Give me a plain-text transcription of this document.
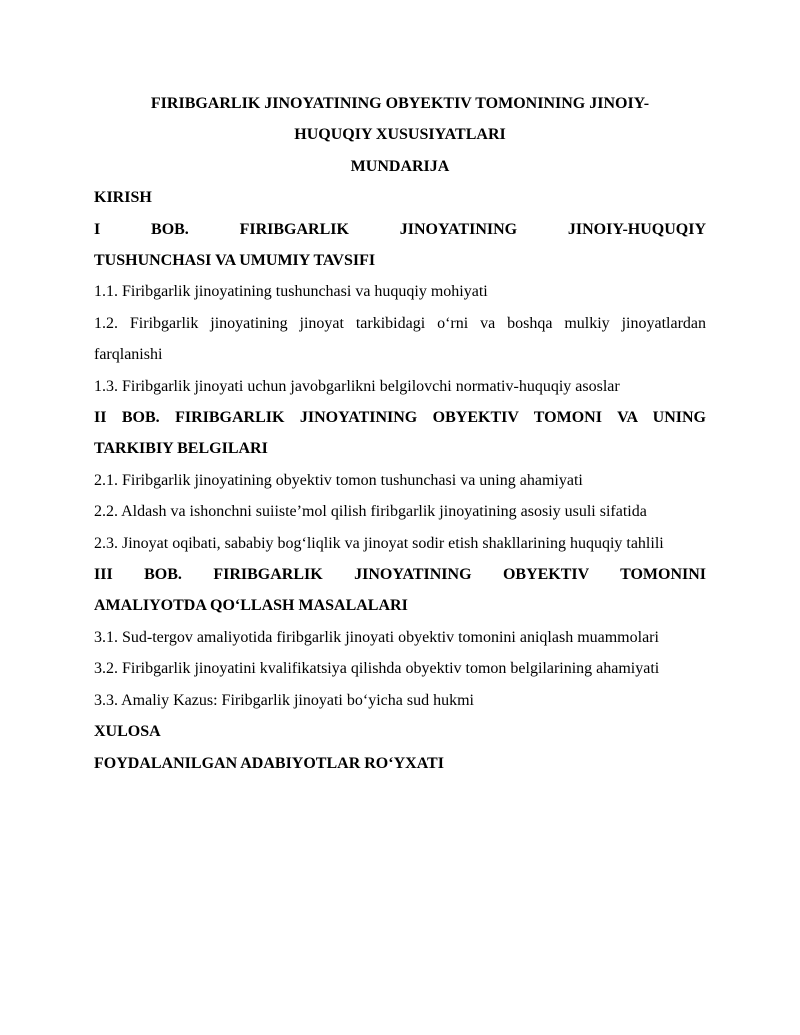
FIRIBGARLIK JINOYATINING OBYEKTIV TOMONINING JINOIY-

HUQUQIY XUSUSIYATLARI

MUNDARIJA

KIRISH

I BOB. FIRIBGARLIK JINOYATINING JINOIY-HUQUQIY

TUSHUNCHASI VA UMUMIY TAVSIFI

1.1. Firibgarlik jinoyatining tushunchasi va huquqiy mohiyati

1.2. Firibgarlik jinoyatining jinoyat tarkibidagi o‘rni va boshqa mulkiy jinoyatlardan farqlanishi

1.3. Firibgarlik jinoyati uchun javobgarlikni belgilovchi normativ-huquqiy asoslar

II BOB. FIRIBGARLIK JINOYATINING OBYEKTIV TOMONI VA UNING TARKIBIY BELGILARI

2.1. Firibgarlik jinoyatining obyektiv tomon tushunchasi va uning ahamiyati

2.2. Aldash va ishonchni suiiste’mol qilish firibgarlik jinoyatining asosiy usuli sifatida

2.3. Jinoyat oqibati, sababiy bog‘liqlik va jinoyat sodir etish shakllarining huquqiy tahlili

III BOB. FIRIBGARLIK JINOYATINING OBYEKTIV TOMONINI

AMALIYOTDA QO‘LLASH MASALALARI

3.1. Sud-tergov amaliyotida firibgarlik jinoyati obyektiv tomonini aniqlash muammolari

3.2. Firibgarlik jinoyatini kvalifikatsiya qilishda obyektiv tomon belgilarining ahamiyati

3.3. Amaliy Kazus: Firibgarlik jinoyati bo‘yicha sud hukmi

XULOSA

FOYDALANILGAN ADABIYOTLAR RO‘YXATI
